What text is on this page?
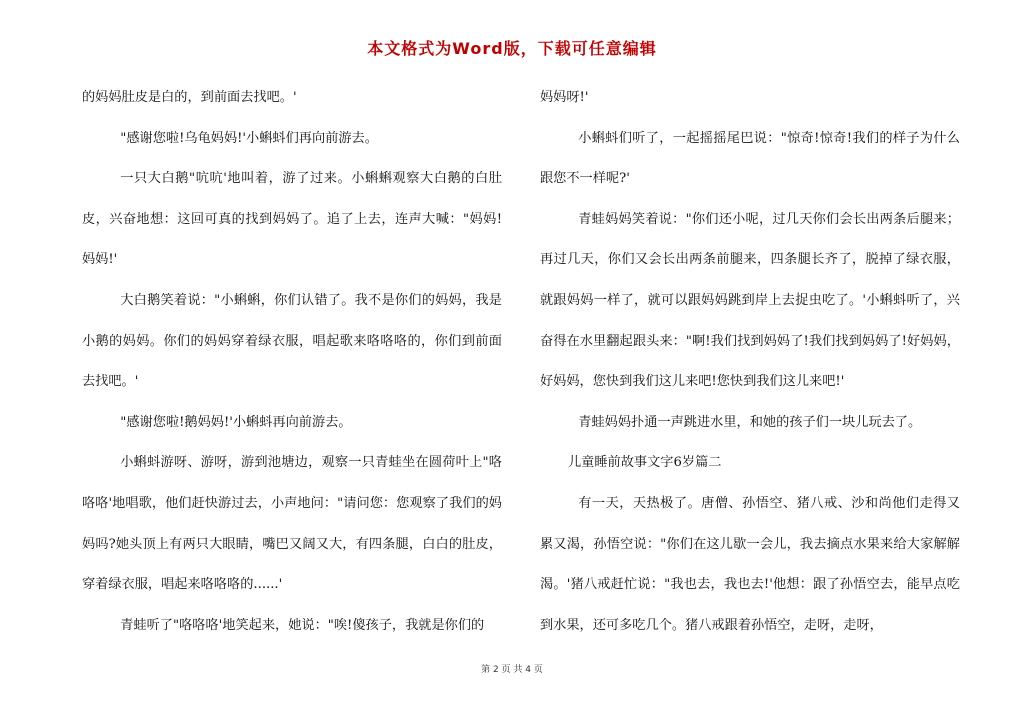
本文格式为Word版，下载可任意编辑

的妈妈肚皮是白的，到前面去找吧。'

"感谢您啦!乌龟妈妈!'小蝌蚪们再向前游去。

一只大白鹅"吭吭'地叫着，游了过来。小蝌蝌观察大白鹅的白肚皮，兴奋地想：这回可真的找到妈妈了。追了上去，连声大喊："妈妈!妈妈!'

大白鹅笑着说："小蝌蝌，你们认错了。我不是你们的妈妈，我是小鹅的妈妈。你们的妈妈穿着绿衣服，唱起歌来咯咯咯的，你们到前面去找吧。'

"感谢您啦!鹅妈妈!'小蝌蚪再向前游去。

小蝌蚪游呀、游呀，游到池塘边，观察一只青蛙坐在圆荷叶上"咯咯咯'地唱歌，他们赶快游过去，小声地问："请问您：您观察了我们的妈妈吗?她头顶上有两只大眼睛，嘴巴又阔又大，有四条腿，白白的肚皮，穿着绿衣服，唱起来咯咯咯的......'

青蛙听了"咯咯咯'地笑起来，她说："唉!傻孩子，我就是你们的

妈妈呀!'

小蝌蚪们听了，一起摇摇尾巴说："惊奇!惊奇!我们的样子为什么跟您不一样呢?'

青蛙妈妈笑着说："你们还小呢，过几天你们会长出两条后腿来；再过几天，你们又会长出两条前腿来，四条腿长齐了，脱掉了绿衣服，就跟妈妈一样了，就可以跟妈妈跳到岸上去捉虫吃了。'小蝌蚪听了，兴奋得在水里翻起跟头来："啊!我们找到妈妈了!我们找到妈妈了!好妈妈，好妈妈，您快到我们这儿来吧!您快到我们这儿来吧!'

青蛙妈妈扑通一声跳进水里，和她的孩子们一块儿玩去了。

儿童睡前故事文字6岁篇二

有一天，天热极了。唐僧、孙悟空、猪八戒、沙和尚他们走得又累又渴，孙悟空说："你们在这儿歇一会儿，我去摘点水果来给大家解解渴。'猪八戒赶忙说："我也去，我也去!'他想：跟了孙悟空去，能早点吃到水果，还可多吃几个。猪八戒跟着孙悟空，走呀，走呀，

第 2 页 共 4 页
